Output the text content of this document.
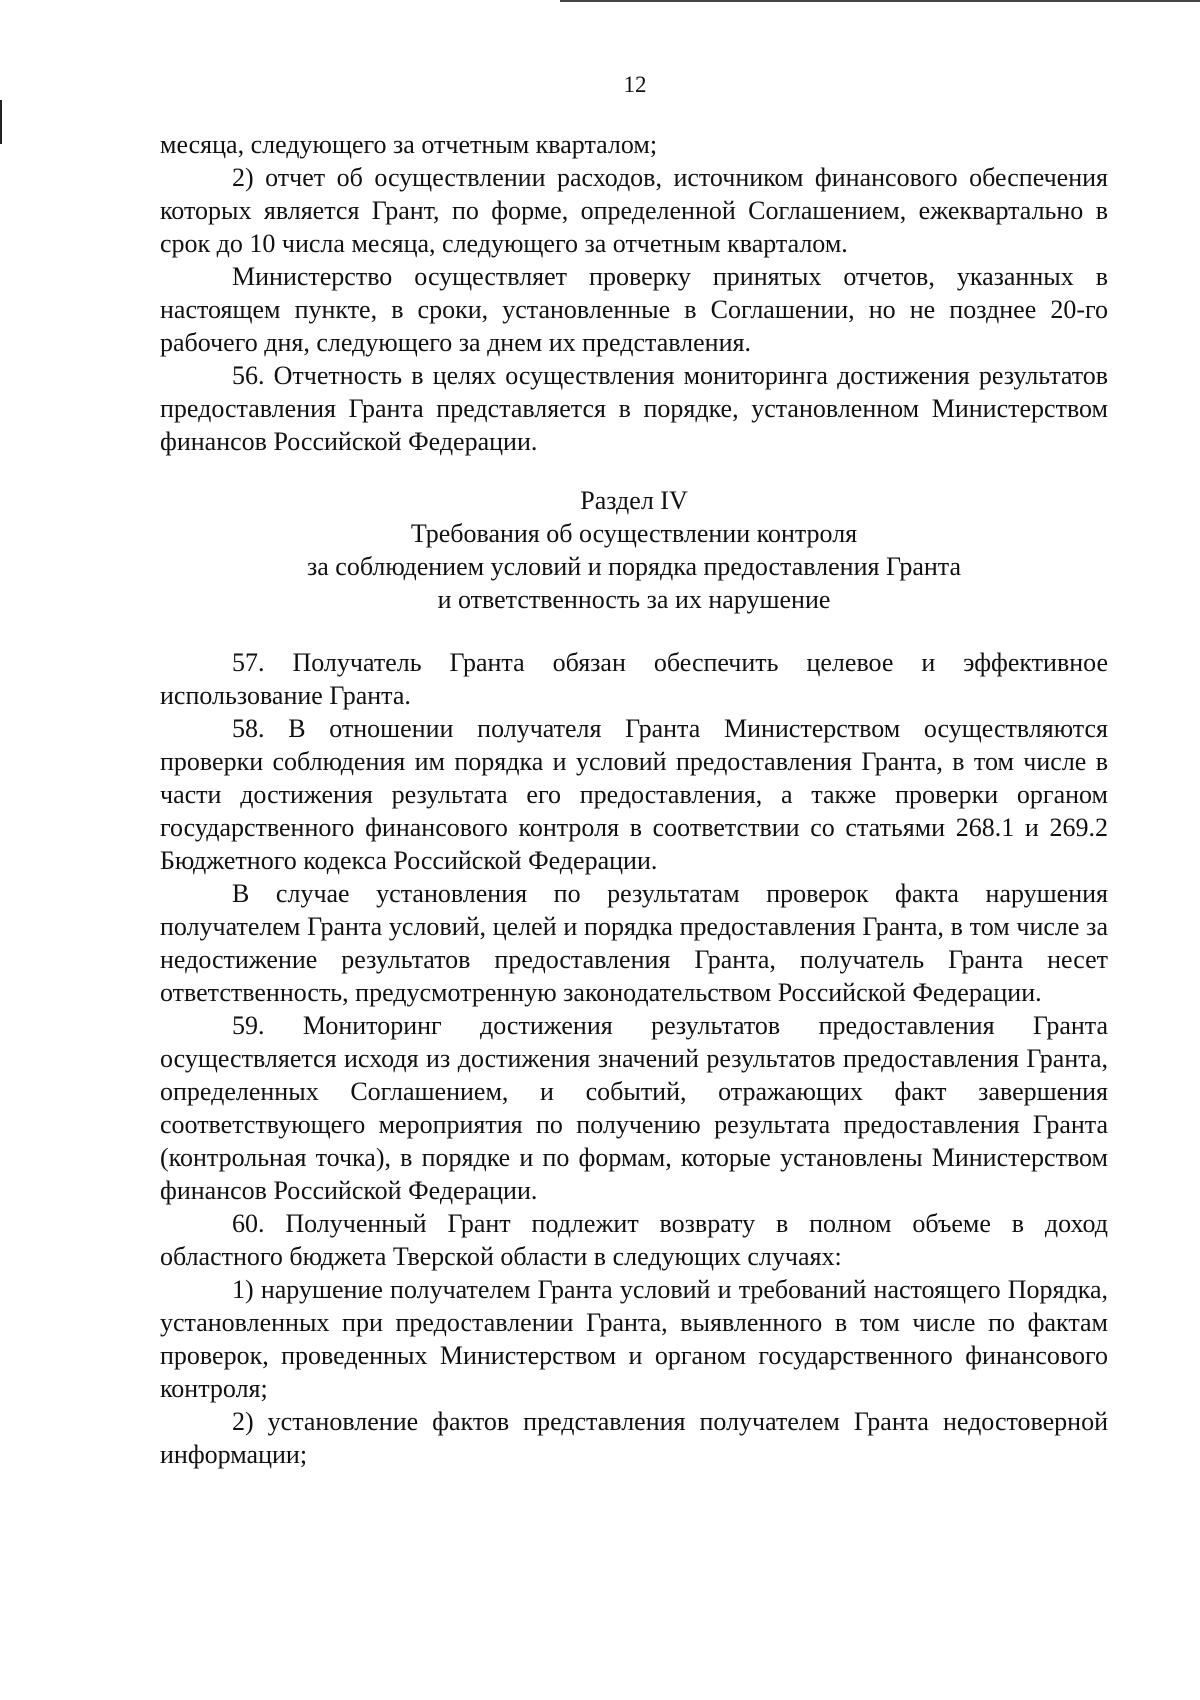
12

месяца, следующего за отчетным кварталом;

2) отчет об осуществлении расходов, источником финансового обеспечения которых является Грант, по форме, определенной Соглашением, ежеквартально в срок до 10 числа месяца, следующего за отчетным кварталом.

Министерство осуществляет проверку принятых отчетов, указанных в настоящем пункте, в сроки, установленные в Соглашении, но не позднее 20-го рабочего дня, следующего за днем их представления.

56. Отчетность в целях осуществления мониторинга достижения результатов предоставления Гранта представляется в порядке, установленном Министерством финансов Российской Федерации.

Раздел IV

Требования об осуществлении контроля

за соблюдением условий и порядка предоставления Гранта

и ответственность за их нарушение

57. Получатель Гранта обязан обеспечить целевое и эффективное использование Гранта.

58. В отношении получателя Гранта Министерством осуществляются проверки соблюдения им порядка и условий предоставления Гранта, в том числе в части достижения результата его предоставления, а также проверки органом государственного финансового контроля в соответствии со статьями 268.1 и 269.2 Бюджетного кодекса Российской Федерации.

В случае установления по результатам проверок факта нарушения получателем Гранта условий, целей и порядка предоставления Гранта, в том числе за недостижение результатов предоставления Гранта, получатель Гранта несет ответственность, предусмотренную законодательством Российской Федерации.

59. Мониторинг достижения результатов предоставления Гранта осуществляется исходя из достижения значений результатов предоставления Гранта, определенных Соглашением, и событий, отражающих факт завершения соответствующего мероприятия по получению результата предоставления Гранта (контрольная точка), в порядке и по формам, которые установлены Министерством финансов Российской Федерации.

60. Полученный Грант подлежит возврату в полном объеме в доход областного бюджета Тверской области в следующих случаях:

1) нарушение получателем Гранта условий и требований настоящего Порядка, установленных при предоставлении Гранта, выявленного в том числе по фактам проверок, проведенных Министерством и органом государственного финансового контроля;

2) установление фактов представления получателем Гранта недостоверной информации;
